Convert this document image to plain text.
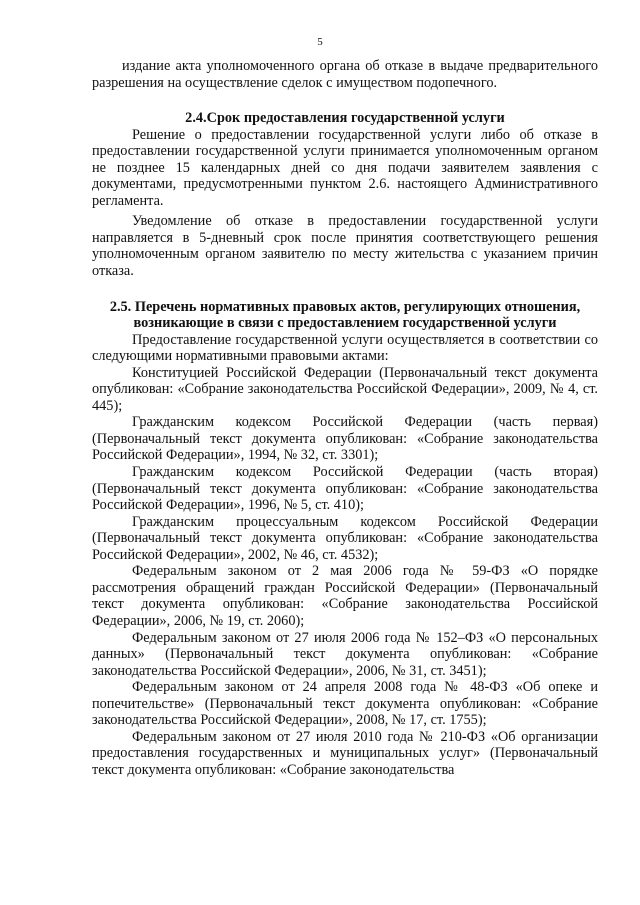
5

издание акта уполномоченного органа об отказе в выдаче предварительного разрешения на осуществление сделок с имуществом подопечного.

2.4.Срок предоставления государственной услуги

Решение о предоставлении государственной услуги либо об отказе в предоставлении государственной услуги принимается уполномоченным органом не позднее 15 календарных дней со дня подачи заявителем заявления с документами, предусмотренными пунктом 2.6. настоящего Административного регламента.

Уведомление об отказе в предоставлении государственной услуги направляется в 5-дневный срок после принятия соответствующего решения уполномоченным органом заявителю по месту жительства с указанием причин отказа.

2.5. Перечень нормативных правовых актов, регулирующих отношения, возникающие в связи с предоставлением государственной услуги

Предоставление государственной услуги осуществляется в соответствии со следующими нормативными правовыми актами:

Конституцией Российской Федерации (Первоначальный текст документа опубликован: «Собрание законодательства Российской Федерации», 2009, № 4, ст. 445);

Гражданским кодексом Российской Федерации (часть первая) (Первоначальный текст документа опубликован: «Собрание законодательства Российской Федерации», 1994, № 32, ст. 3301);

Гражданским кодексом Российской Федерации (часть вторая) (Первоначальный текст документа опубликован: «Собрание законодательства Российской Федерации», 1996, № 5, ст. 410);

Гражданским процессуальным кодексом Российской Федерации (Первоначальный текст документа опубликован: «Собрание законодательства Российской Федерации», 2002, № 46, ст. 4532);

Федеральным законом от 2 мая 2006 года № 59-ФЗ «О порядке рассмотрения обращений граждан Российской Федерации» (Первоначальный текст документа опубликован: «Собрание законодательства Российской Федерации», 2006, № 19, ст. 2060);

Федеральным законом от 27 июля 2006 года № 152–ФЗ «О персональных данных» (Первоначальный текст документа опубликован: «Собрание законодательства Российской Федерации», 2006, № 31, ст. 3451);

Федеральным законом от 24 апреля 2008 года № 48-ФЗ «Об опеке и попечительстве» (Первоначальный текст документа опубликован: «Собрание законодательства Российской Федерации», 2008, № 17, ст. 1755);

Федеральным законом от 27 июля 2010 года № 210-ФЗ «Об организации предоставления государственных и муниципальных услуг» (Первоначальный текст документа опубликован: «Собрание законодательства
